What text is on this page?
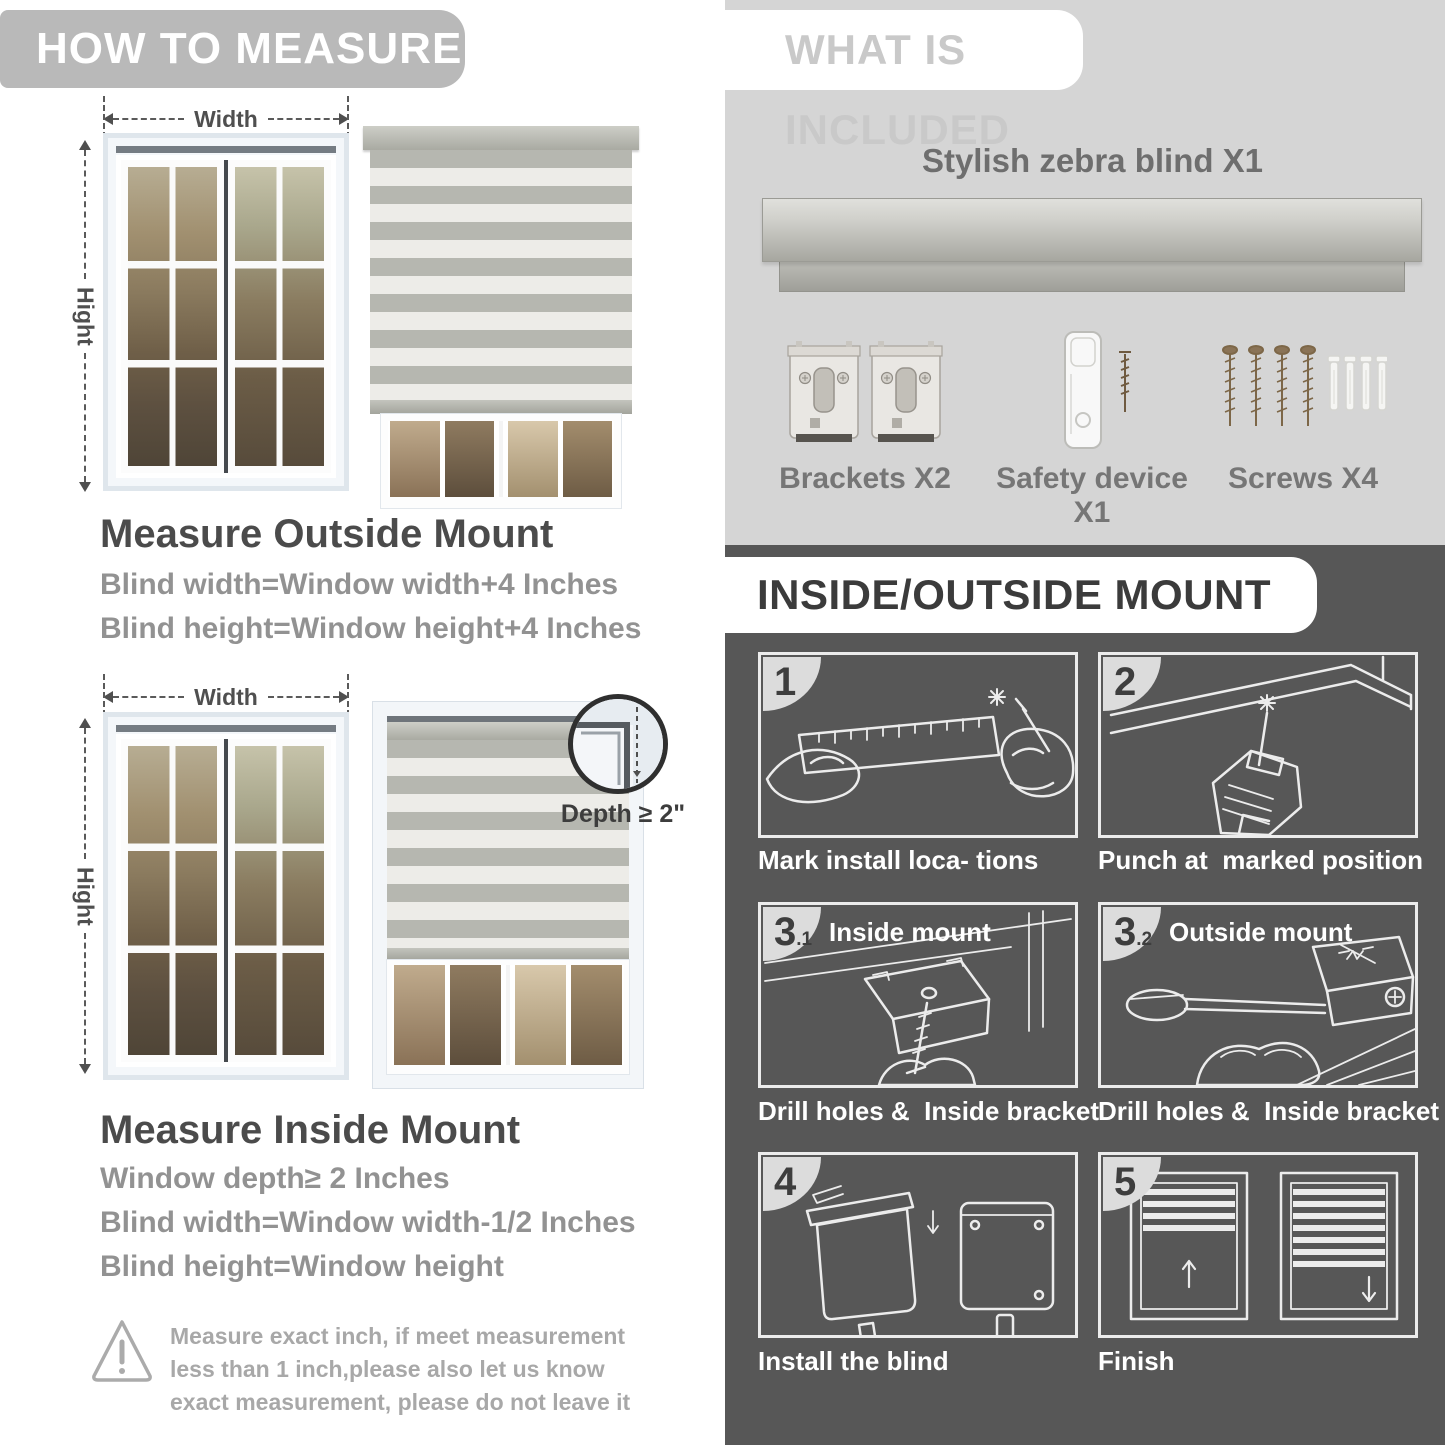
HOW TO MEASURE
Width
Hight
Measure Outside Mount
Blind width=Window width+4 Inches
Blind height=Window height+4 Inches
Width
Hight
Depth ≥ 2"
Measure Inside Mount
Window depth≥ 2 Inches
Blind width=Window width-1/2 Inches
Blind height=Window height
Measure exact inch, if meet measurement less than 1 inch,please also let us know exact measurement, please do not leave it
WHAT IS INCLUDED
Stylish zebra blind X1
Brackets X2	Safety device X1
Screws X4
INSIDE/OUTSIDE MOUNT
1
Mark install loca- tions
2
Punch at  marked position
3.1 Inside mount
Drill holes &  Inside bracket
3.2 Outside mount
Drill holes &  Inside bracket
4
Install the blind
5
Finish
